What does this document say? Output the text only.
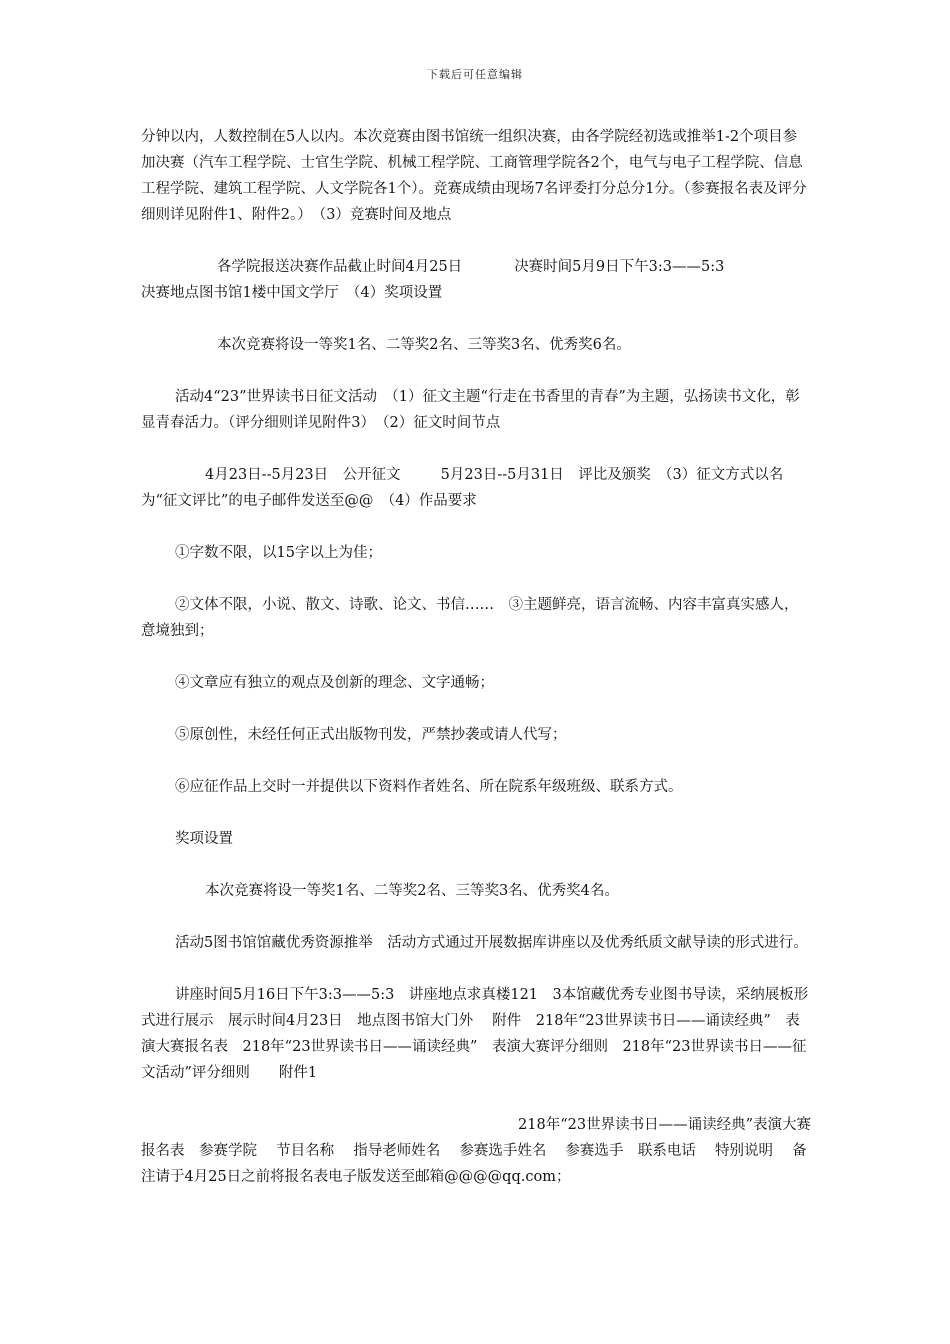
下载后可任意编辑

分钟以内，人数控制在5人以内。本次竞赛由图书馆统一组织决赛，由各学院经初选或推举1-2个项目参加决赛（汽车工程学院、士官生学院、机械工程学院、工商管理学院各2个，电气与电子工程学院、信息工程学院、建筑工程学院、人文学院各1个）。竞赛成绩由现场7名评委打分总分1分。（参赛报名表及评分细则详见附件1、附件2。）　（3）竞赛时间及地点

各学院报送决赛作品截止时间4月25日	决赛时间5月9日下午3:3——5:3

决赛地点图书馆1楼中国文学厅　（4）奖项设置

本次竞赛将设一等奖1名、二等奖2名、三等奖3名、优秀奖6名。

活动4“23”世界读书日征文活动　（1）征文主题“行走在书香里的青春”为主题，弘扬读书文化，彰显青春活力。（评分细则详见附件3）　（2）征文时间节点

4月23日--5月23日　公开征文	5月23日--5月31日　评比及颁奖　（3）征文方式以名为“征文评比”的电子邮件发送至@@　（4）作品要求

①字数不限，以15字以上为佳；

②文体不限，小说、散文、诗歌、论文、书信……　③主题鲜亮，语言流畅、内容丰富真实感人，意境独到；

④文章应有独立的观点及创新的理念、文字通畅；

⑤原创性，未经任何正式出版物刊发，严禁抄袭或请人代写；

⑥应征作品上交时一并提供以下资料作者姓名、所在院系年级班级、联系方式。

奖项设置

本次竞赛将设一等奖1名、二等奖2名、三等奖3名、优秀奖4名。

活动5图书馆馆藏优秀资源推举　活动方式通过开展数据库讲座以及优秀纸质文献导读的形式进行。

讲座时间5月16日下午3:3——5:3　讲座地点求真楼121　3本馆藏优秀专业图书导读，采纳展板形式进行展示　展示时间4月23日　地点图书馆大门外　 附件　218年“23世界读书日——诵读经典”　表演大赛报名表　218年“23世界读书日——诵读经典”　表演大赛评分细则　218年“23世界读书日——征文活动”评分细则　　附件1

218年“23世界读书日——诵读经典”表演大赛

报名表　参赛学院　 节目名称　 指导老师姓名　 参赛选手姓名　 参赛选手　联系电话　 特别说明　 备注请于4月25日之前将报名表电子版发送至邮箱@@@@qq.com；
